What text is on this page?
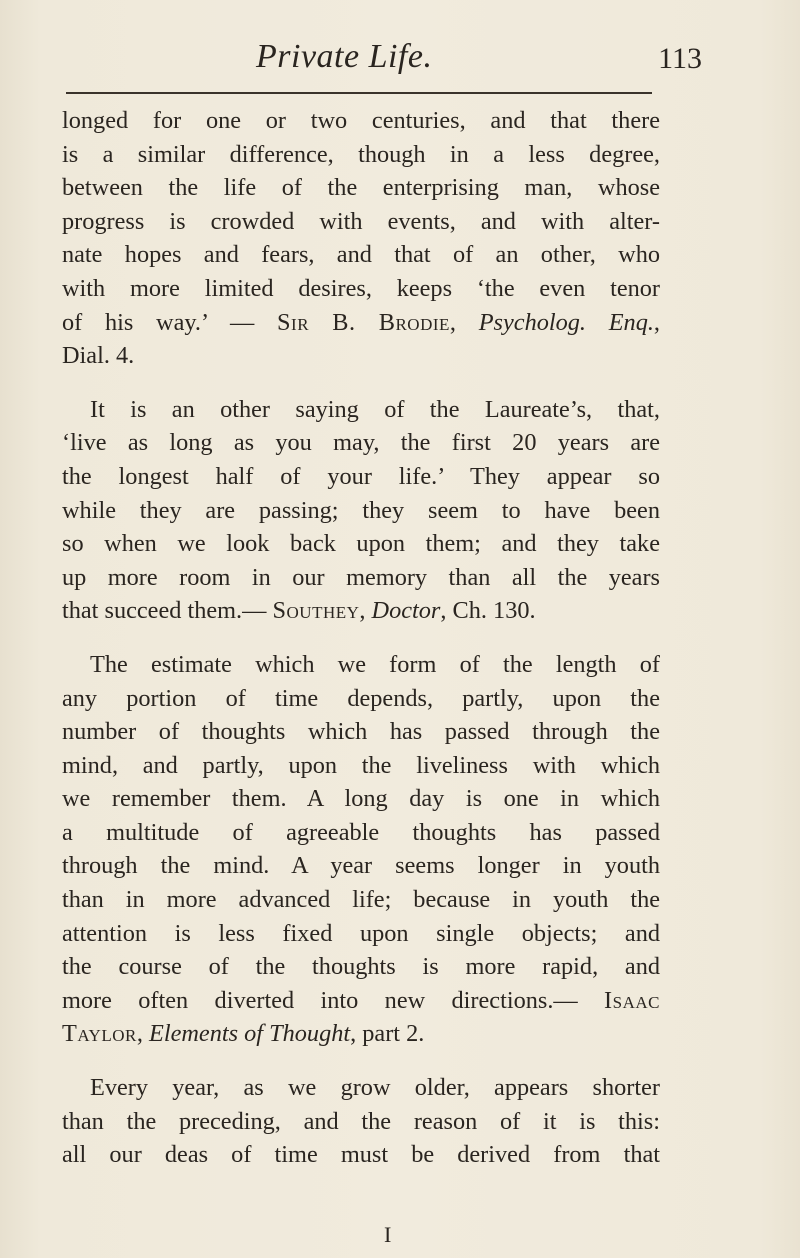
Private Life.	113
longed for one or two centuries, and that there
is a similar difference, though in a less degree,
between the life of the enterprising man, whose
progress is crowded with events, and with alter-
nate hopes and fears, and that of an other, who
with more limited desires, keeps ‘the even tenor
of his way.’ — Sir B. Brodie, Psycholog. Enq.,
Dial. 4.
It is an other saying of the Laureate’s, that,
‘live as long as you may, the first 20 years are
the longest half of your life.’ They appear so
while they are passing; they seem to have been
so when we look back upon them; and they take
up more room in our memory than all the years
that succeed them.— Southey, Doctor, Ch. 130.
The estimate which we form of the length of
any portion of time depends, partly, upon the
number of thoughts which has passed through the
mind, and partly, upon the liveliness with which
we remember them. A long day is one in which
a multitude of agreeable thoughts has passed
through the mind. A year seems longer in youth
than in more advanced life; because in youth the
attention is less fixed upon single objects; and
the course of the thoughts is more rapid, and
more often diverted into new directions.— Isaac
Taylor, Elements of Thought, part 2.
Every year, as we grow older, appears shorter
than the preceding, and the reason of it is this:
all our deas of time must be derived from that
I
